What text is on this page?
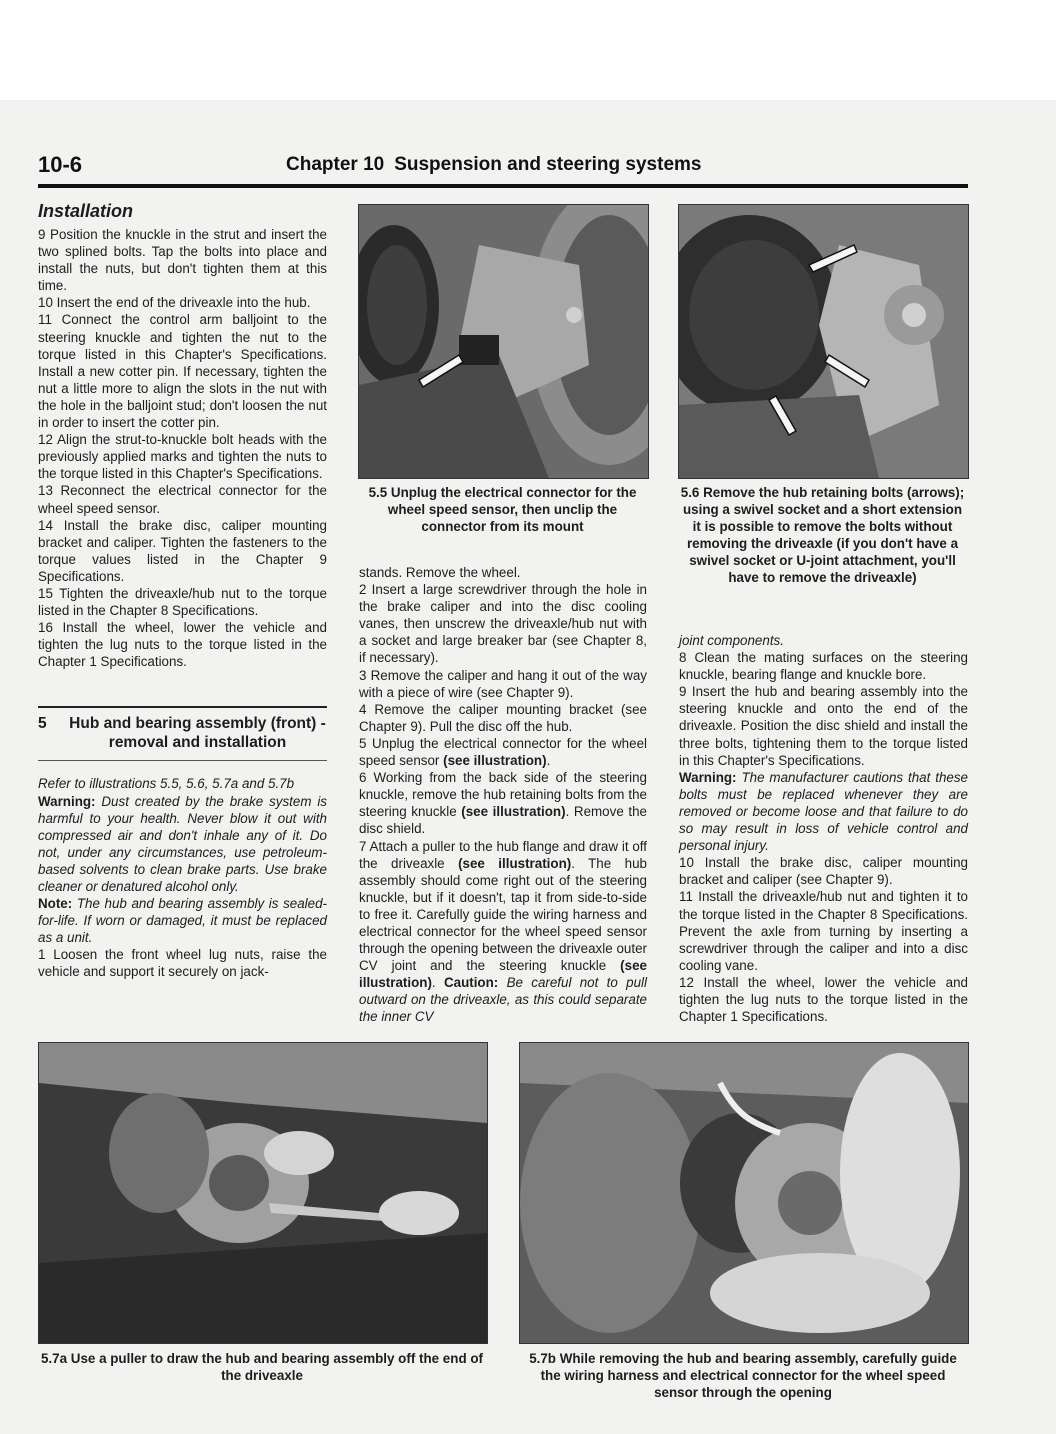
10-6	Chapter 10 Suspension and steering systems
Installation

9 Position the knuckle in the strut and insert the two splined bolts. Tap the bolts into place and install the nuts, but don't tighten them at this time.

10 Insert the end of the driveaxle into the hub.

11 Connect the control arm balljoint to the steering knuckle and tighten the nut to the torque listed in this Chapter's Specifications. Install a new cotter pin. If necessary, tighten the nut a little more to align the slots in the nut with the hole in the balljoint stud; don't loosen the nut in order to insert the cotter pin.

12 Align the strut-to-knuckle bolt heads with the previously applied marks and tighten the nuts to the torque listed in this Chapter's Specifications.

13 Reconnect the electrical connector for the wheel speed sensor.

14 Install the brake disc, caliper mounting bracket and caliper. Tighten the fasteners to the torque values listed in the Chapter 9 Specifications.

15 Tighten the driveaxle/hub nut to the torque listed in the Chapter 8 Specifications.

16 Install the wheel, lower the vehicle and tighten the lug nuts to the torque listed in the Chapter 1 Specifications.

5	Hub and bearing assembly (front) - removal and installation

Refer to illustrations 5.5, 5.6, 5.7a and 5.7b

Warning: Dust created by the brake system is harmful to your health. Never blow it out with compressed air and don't inhale any of it. Do not, under any circumstances, use petroleum-based solvents to clean brake parts. Use brake cleaner or denatured alcohol only.

Note: The hub and bearing assembly is sealed-for-life. If worn or damaged, it must be replaced as a unit.

1 Loosen the front wheel lug nuts, raise the vehicle and support it securely on jack-

stands. Remove the wheel.

2 Insert a large screwdriver through the hole in the brake caliper and into the disc cooling vanes, then unscrew the driveaxle/hub nut with a socket and large breaker bar (see Chapter 8, if necessary).

3 Remove the caliper and hang it out of the way with a piece of wire (see Chapter 9).

4 Remove the caliper mounting bracket (see Chapter 9). Pull the disc off the hub.

5 Unplug the electrical connector for the wheel speed sensor (see illustration).

6 Working from the back side of the steering knuckle, remove the hub retaining bolts from the steering knuckle (see illustration). Remove the disc shield.

7 Attach a puller to the hub flange and draw it off the driveaxle (see illustration). The hub assembly should come right out of the steering knuckle, but if it doesn't, tap it from side-to-side to free it. Carefully guide the wiring harness and electrical connector for the wheel speed sensor through the opening between the driveaxle outer CV joint and the steering knuckle (see illustration). Caution: Be careful not to pull outward on the driveaxle, as this could separate the inner CV

joint components.

8 Clean the mating surfaces on the steering knuckle, bearing flange and knuckle bore.

9 Insert the hub and bearing assembly into the steering knuckle and onto the end of the driveaxle. Position the disc shield and install the three bolts, tightening them to the torque listed in this Chapter's Specifications.

Warning: The manufacturer cautions that these bolts must be replaced whenever they are removed or become loose and that failure to do so may result in loss of vehicle control and personal injury.

10 Install the brake disc, caliper mounting bracket and caliper (see Chapter 9).

11 Install the driveaxle/hub nut and tighten it to the torque listed in the Chapter 8 Specifications. Prevent the axle from turning by inserting a screwdriver through the caliper and into a disc cooling vane.

12 Install the wheel, lower the vehicle and tighten the lug nuts to the torque listed in the Chapter 1 Specifications.

5.5 Unplug the electrical connector for the wheel speed sensor, then unclip the connector from its mount
5.6 Remove the hub retaining bolts (arrows); using a swivel socket and a short extension it is possible to remove the bolts without removing the driveaxle (if you don't have a swivel socket or U-joint attachment, you'll have to remove the driveaxle)
5.7a Use a puller to draw the hub and bearing assembly off the end of the driveaxle
5.7b While removing the hub and bearing assembly, carefully guide the wiring harness and electrical connector for the wheel speed sensor through the opening
